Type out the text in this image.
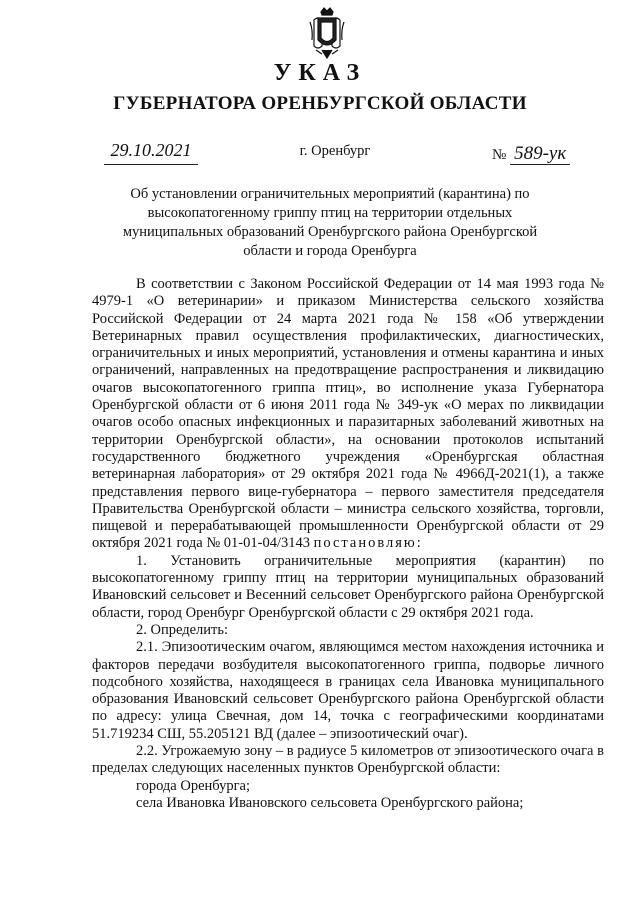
УКАЗ
ГУБЕРНАТОРА ОРЕНБУРГСКОЙ ОБЛАСТИ
29.10.2021	г. Оренбург	№ 589-ук

Об установлении ограничительных мероприятий (карантина) по высокопатогенному гриппу птиц на территории отдельных муниципальных образований Оренбургского района Оренбургской области и города Оренбурга

В соответствии с Законом Российской Федерации от 14 мая 1993 года № 4979-1 «О ветеринарии» и приказом Министерства сельского хозяйства Российской Федерации от 24 марта 2021 года № 158 «Об утверждении Ветеринарных правил осуществления профилактических, диагностических, ограничительных и иных мероприятий, установления и отмены карантина и иных ограничений, направленных на предотвращение распространения и ликвидацию очагов высокопатогенного гриппа птиц», во исполнение указа Губернатора Оренбургской области от 6 июня 2011 года № 349-ук «О мерах по ликвидации очагов особо опасных инфекционных и паразитарных заболеваний животных на территории Оренбургской области», на основании протоколов испытаний государственного бюджетного учреждения «Оренбургская областная ветеринарная лаборатория» от 29 октября 2021 года № 4966Д-2021(1), а также представления первого вице-губернатора – первого заместителя председателя Правительства Оренбургской области – министра сельского хозяйства, торговли, пищевой и перерабатывающей промышленности Оренбургской области от 29 октября 2021 года № 01-01-04/3143 постановляю:

1. Установить ограничительные мероприятия (карантин) по высокопатогенному гриппу птиц на территории муниципальных образований Ивановский сельсовет и Весенний сельсовет Оренбургского района Оренбургской области, город Оренбург Оренбургской области с 29 октября 2021 года.

2. Определить:

2.1. Эпизоотическим очагом, являющимся местом нахождения источника и факторов передачи возбудителя высокопатогенного гриппа, подворье личного подсобного хозяйства, находящееся в границах села Ивановка муниципального образования Ивановский сельсовет Оренбургского района Оренбургской области по адресу: улица Свечная, дом 14, точка с географическими координатами 51.719234 СШ, 55.205121 ВД (далее – эпизоотический очаг).

2.2. Угрожаемую зону – в радиусе 5 километров от эпизоотического очага в пределах следующих населенных пунктов Оренбургской области:

города Оренбурга;

села Ивановка Ивановского сельсовета Оренбургского района;
